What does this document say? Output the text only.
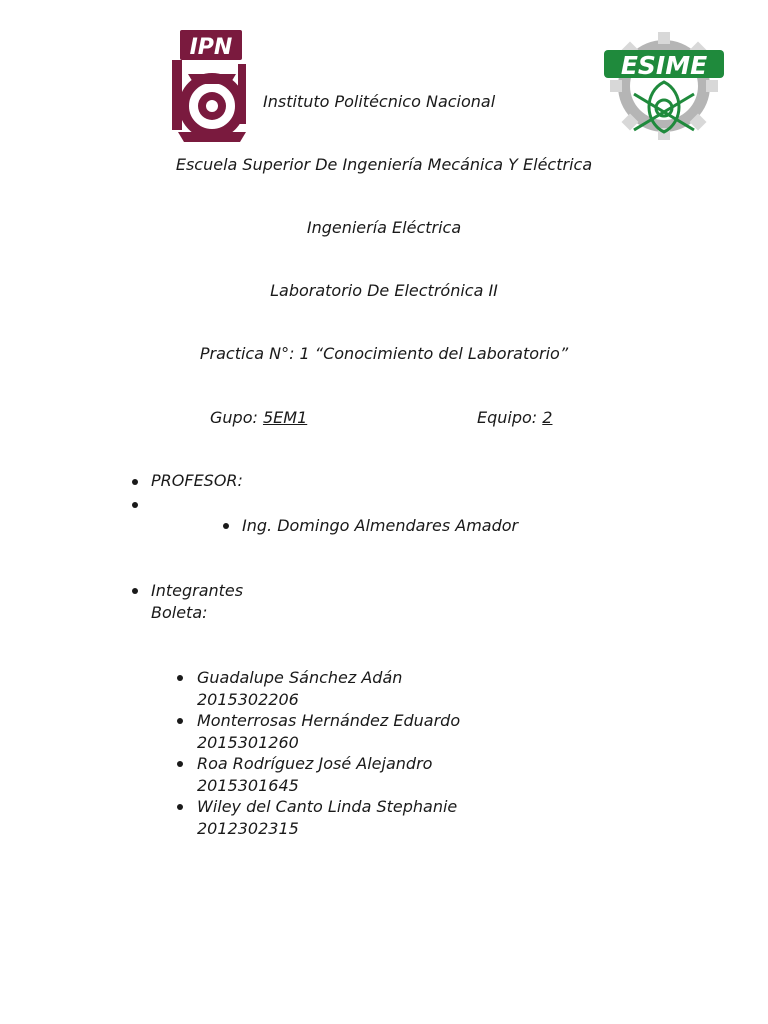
IPN
ESIME
Instituto Politécnico Nacional
Escuela Superior De Ingeniería Mecánica Y Eléctrica
Ingeniería Eléctrica
Laboratorio De Electrónica II
Practica N°: 1 “Conocimiento del Laboratorio”
Gupo: 5EM1	Equipo: 2
PROFESOR:
Ing. Domingo Almendares Amador
Integrantes
Boleta:
Guadalupe Sánchez Adán
2015302206
Monterrosas Hernández Eduardo
2015301260
Roa Rodríguez José Alejandro
2015301645
Wiley del Canto Linda Stephanie
2012302315
